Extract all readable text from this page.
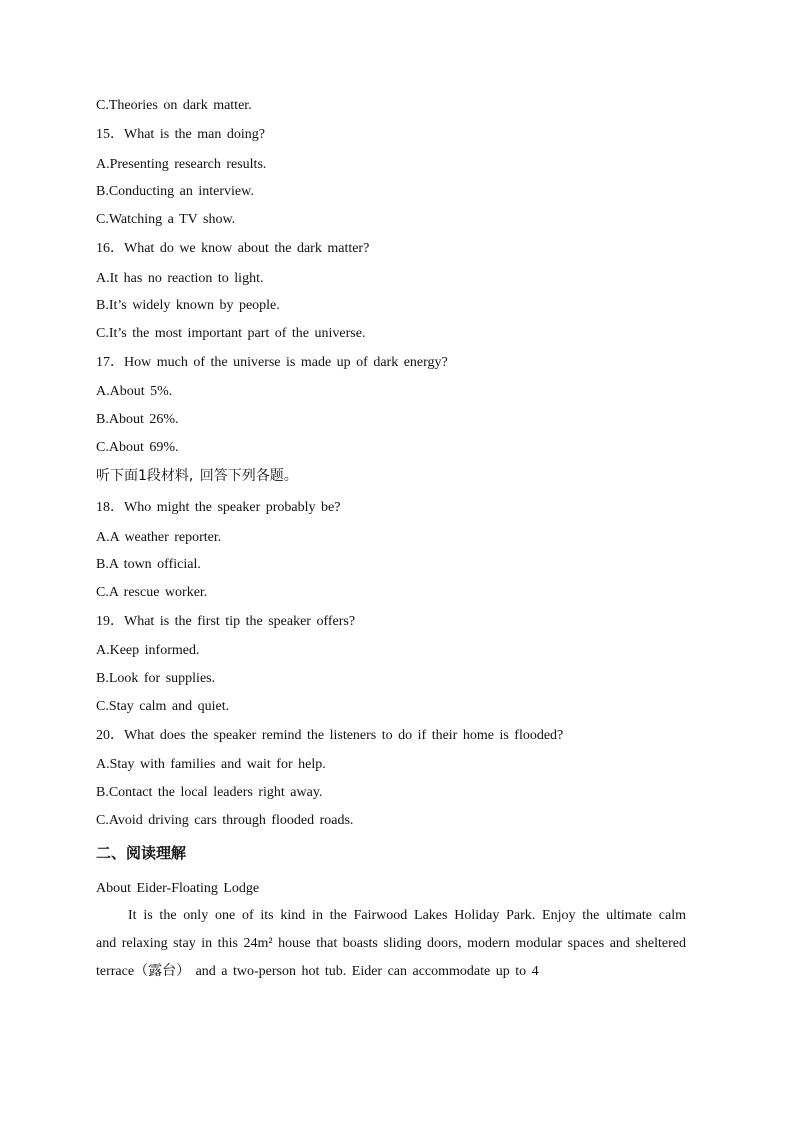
C.Theories on dark matter.
15．What is the man doing?
A.Presenting research results.
B.Conducting an interview.
C.Watching a TV show.
16．What do we know about the dark matter?
A.It has no reaction to light.
B.It’s widely known by people.
C.It’s the most important part of the universe.
17．How much of the universe is made up of dark energy?
A.About 5%.
B.About 26%.
C.About 69%.
听下面1段材料, 回答下列各题。
18．Who might the speaker probably be?
A.A weather reporter.
B.A town official.
C.A rescue worker.
19．What is the first tip the speaker offers?
A.Keep informed.
B.Look for supplies.
C.Stay calm and quiet.
20．What does the speaker remind the listeners to do if their home is flooded?
A.Stay with families and wait for help.
B.Contact the local leaders right away.
C.Avoid driving cars through flooded roads.
二、阅读理解
About Eider-Floating Lodge
It is the only one of its kind in the Fairwood Lakes Holiday Park. Enjoy the ultimate calm and relaxing stay in this 24m² house that boasts sliding doors, modern modular spaces and sheltered terrace（露台） and a two-person hot tub. Eider can accommodate up to 4
